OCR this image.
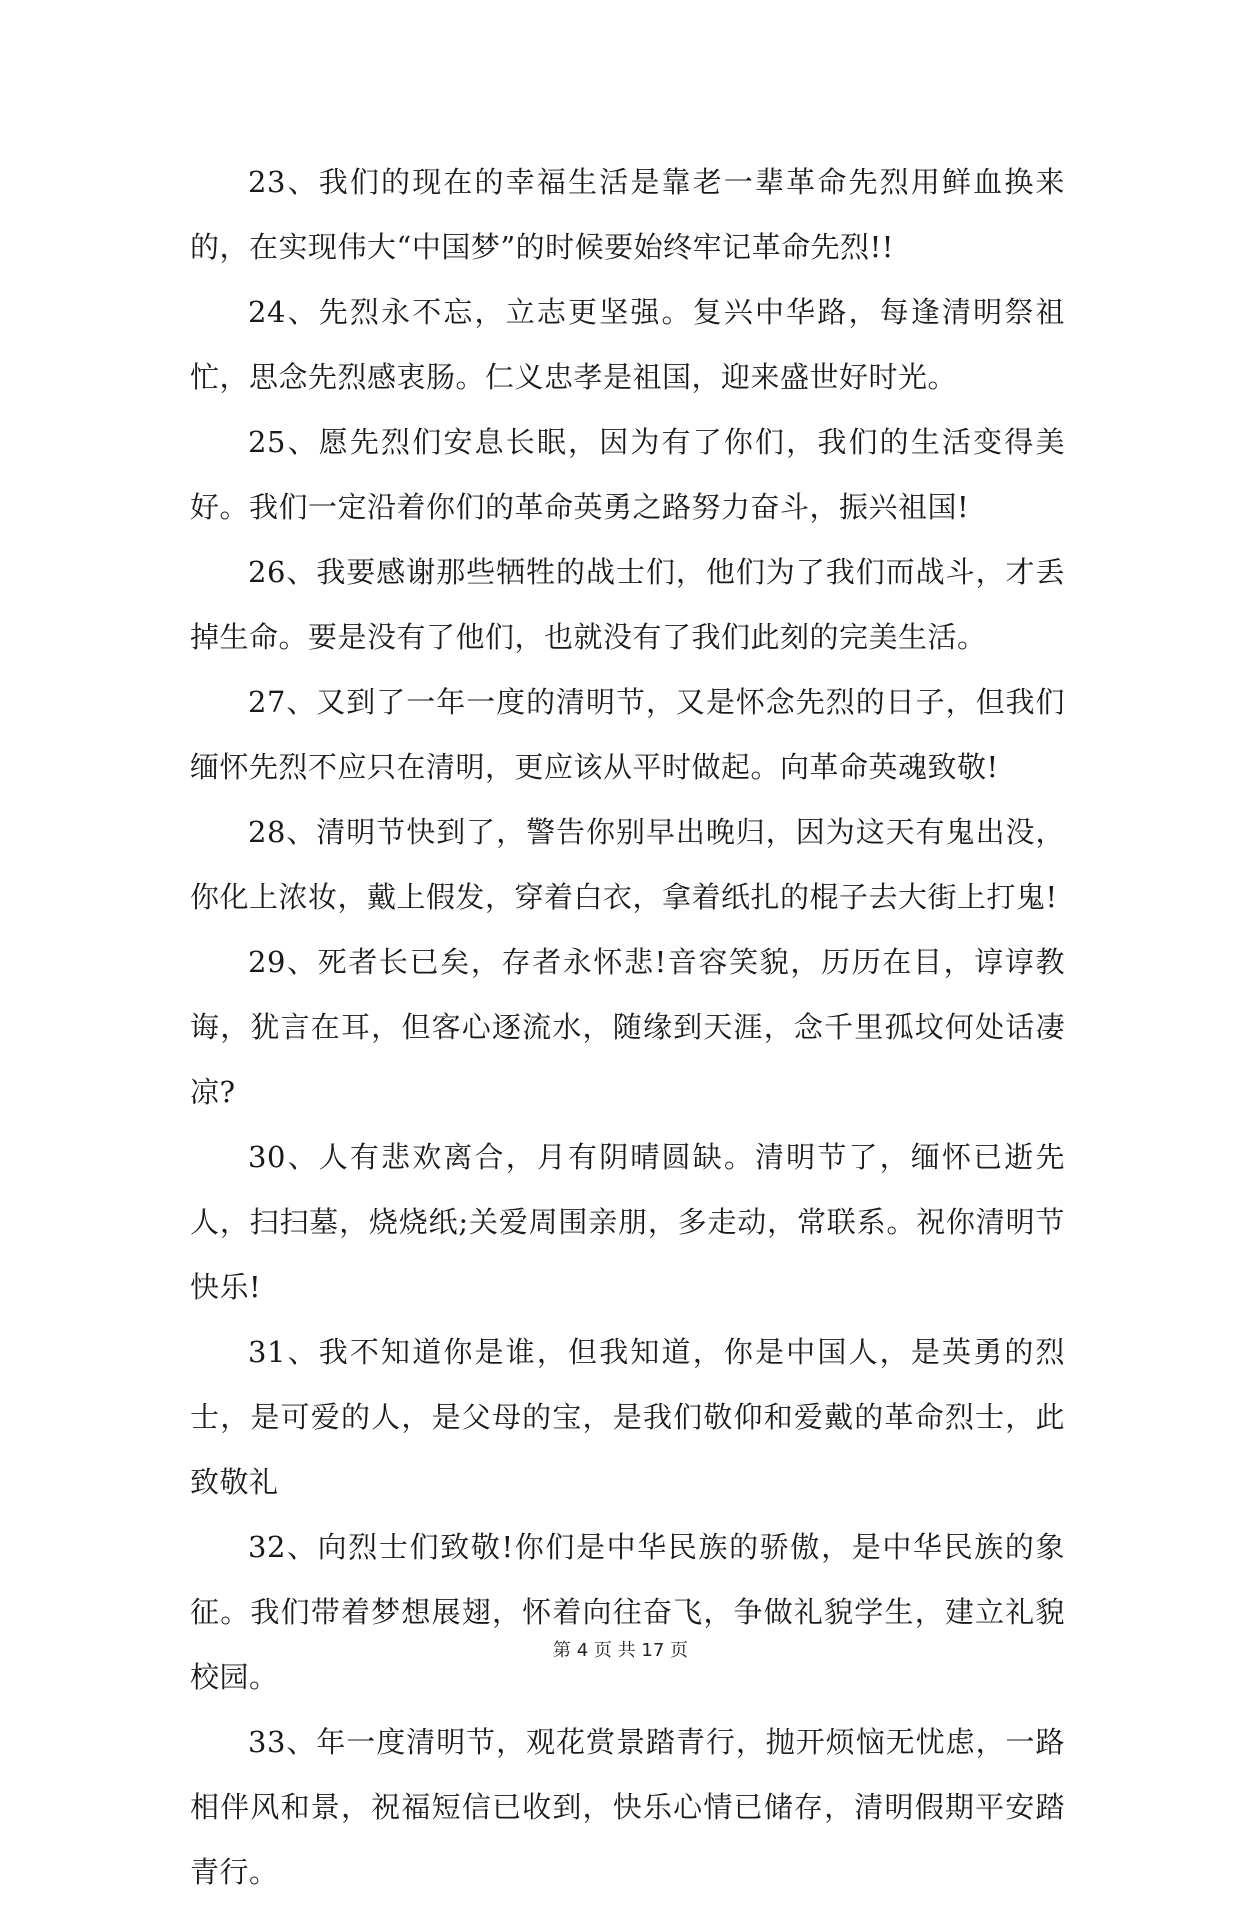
23、我们的现在的幸福生活是靠老一辈革命先烈用鲜血换来的，在实现伟大“中国梦”的时候要始终牢记革命先烈!!

24、先烈永不忘，立志更坚强。复兴中华路，每逢清明祭祖忙，思念先烈感衷肠。仁义忠孝是祖国，迎来盛世好时光。

25、愿先烈们安息长眠，因为有了你们，我们的生活变得美好。我们一定沿着你们的革命英勇之路努力奋斗，振兴祖国!

26、我要感谢那些牺牲的战士们，他们为了我们而战斗，才丢掉生命。要是没有了他们，也就没有了我们此刻的完美生活。

27、又到了一年一度的清明节，又是怀念先烈的日子，但我们缅怀先烈不应只在清明，更应该从平时做起。向革命英魂致敬!

28、清明节快到了，警告你别早出晚归，因为这天有鬼出没，你化上浓妆，戴上假发，穿着白衣，拿着纸扎的棍子去大街上打鬼!

29、死者长已矣，存者永怀悲!音容笑貌，历历在目，谆谆教诲，犹言在耳，但客心逐流水，随缘到天涯，念千里孤坟何处话凄凉?

30、人有悲欢离合，月有阴晴圆缺。清明节了，缅怀已逝先人，扫扫墓，烧烧纸;关爱周围亲朋，多走动，常联系。祝你清明节快乐!

31、我不知道你是谁，但我知道，你是中国人，是英勇的烈士，是可爱的人，是父母的宝，是我们敬仰和爱戴的革命烈士，此致敬礼

32、向烈士们致敬!你们是中华民族的骄傲，是中华民族的象征。我们带着梦想展翅，怀着向往奋飞，争做礼貌学生，建立礼貌校园。

33、年一度清明节，观花赏景踏青行，抛开烦恼无忧虑，一路相伴风和景，祝福短信已收到，快乐心情已储存，清明假期平安踏青行。

第 4 页 共 17 页
